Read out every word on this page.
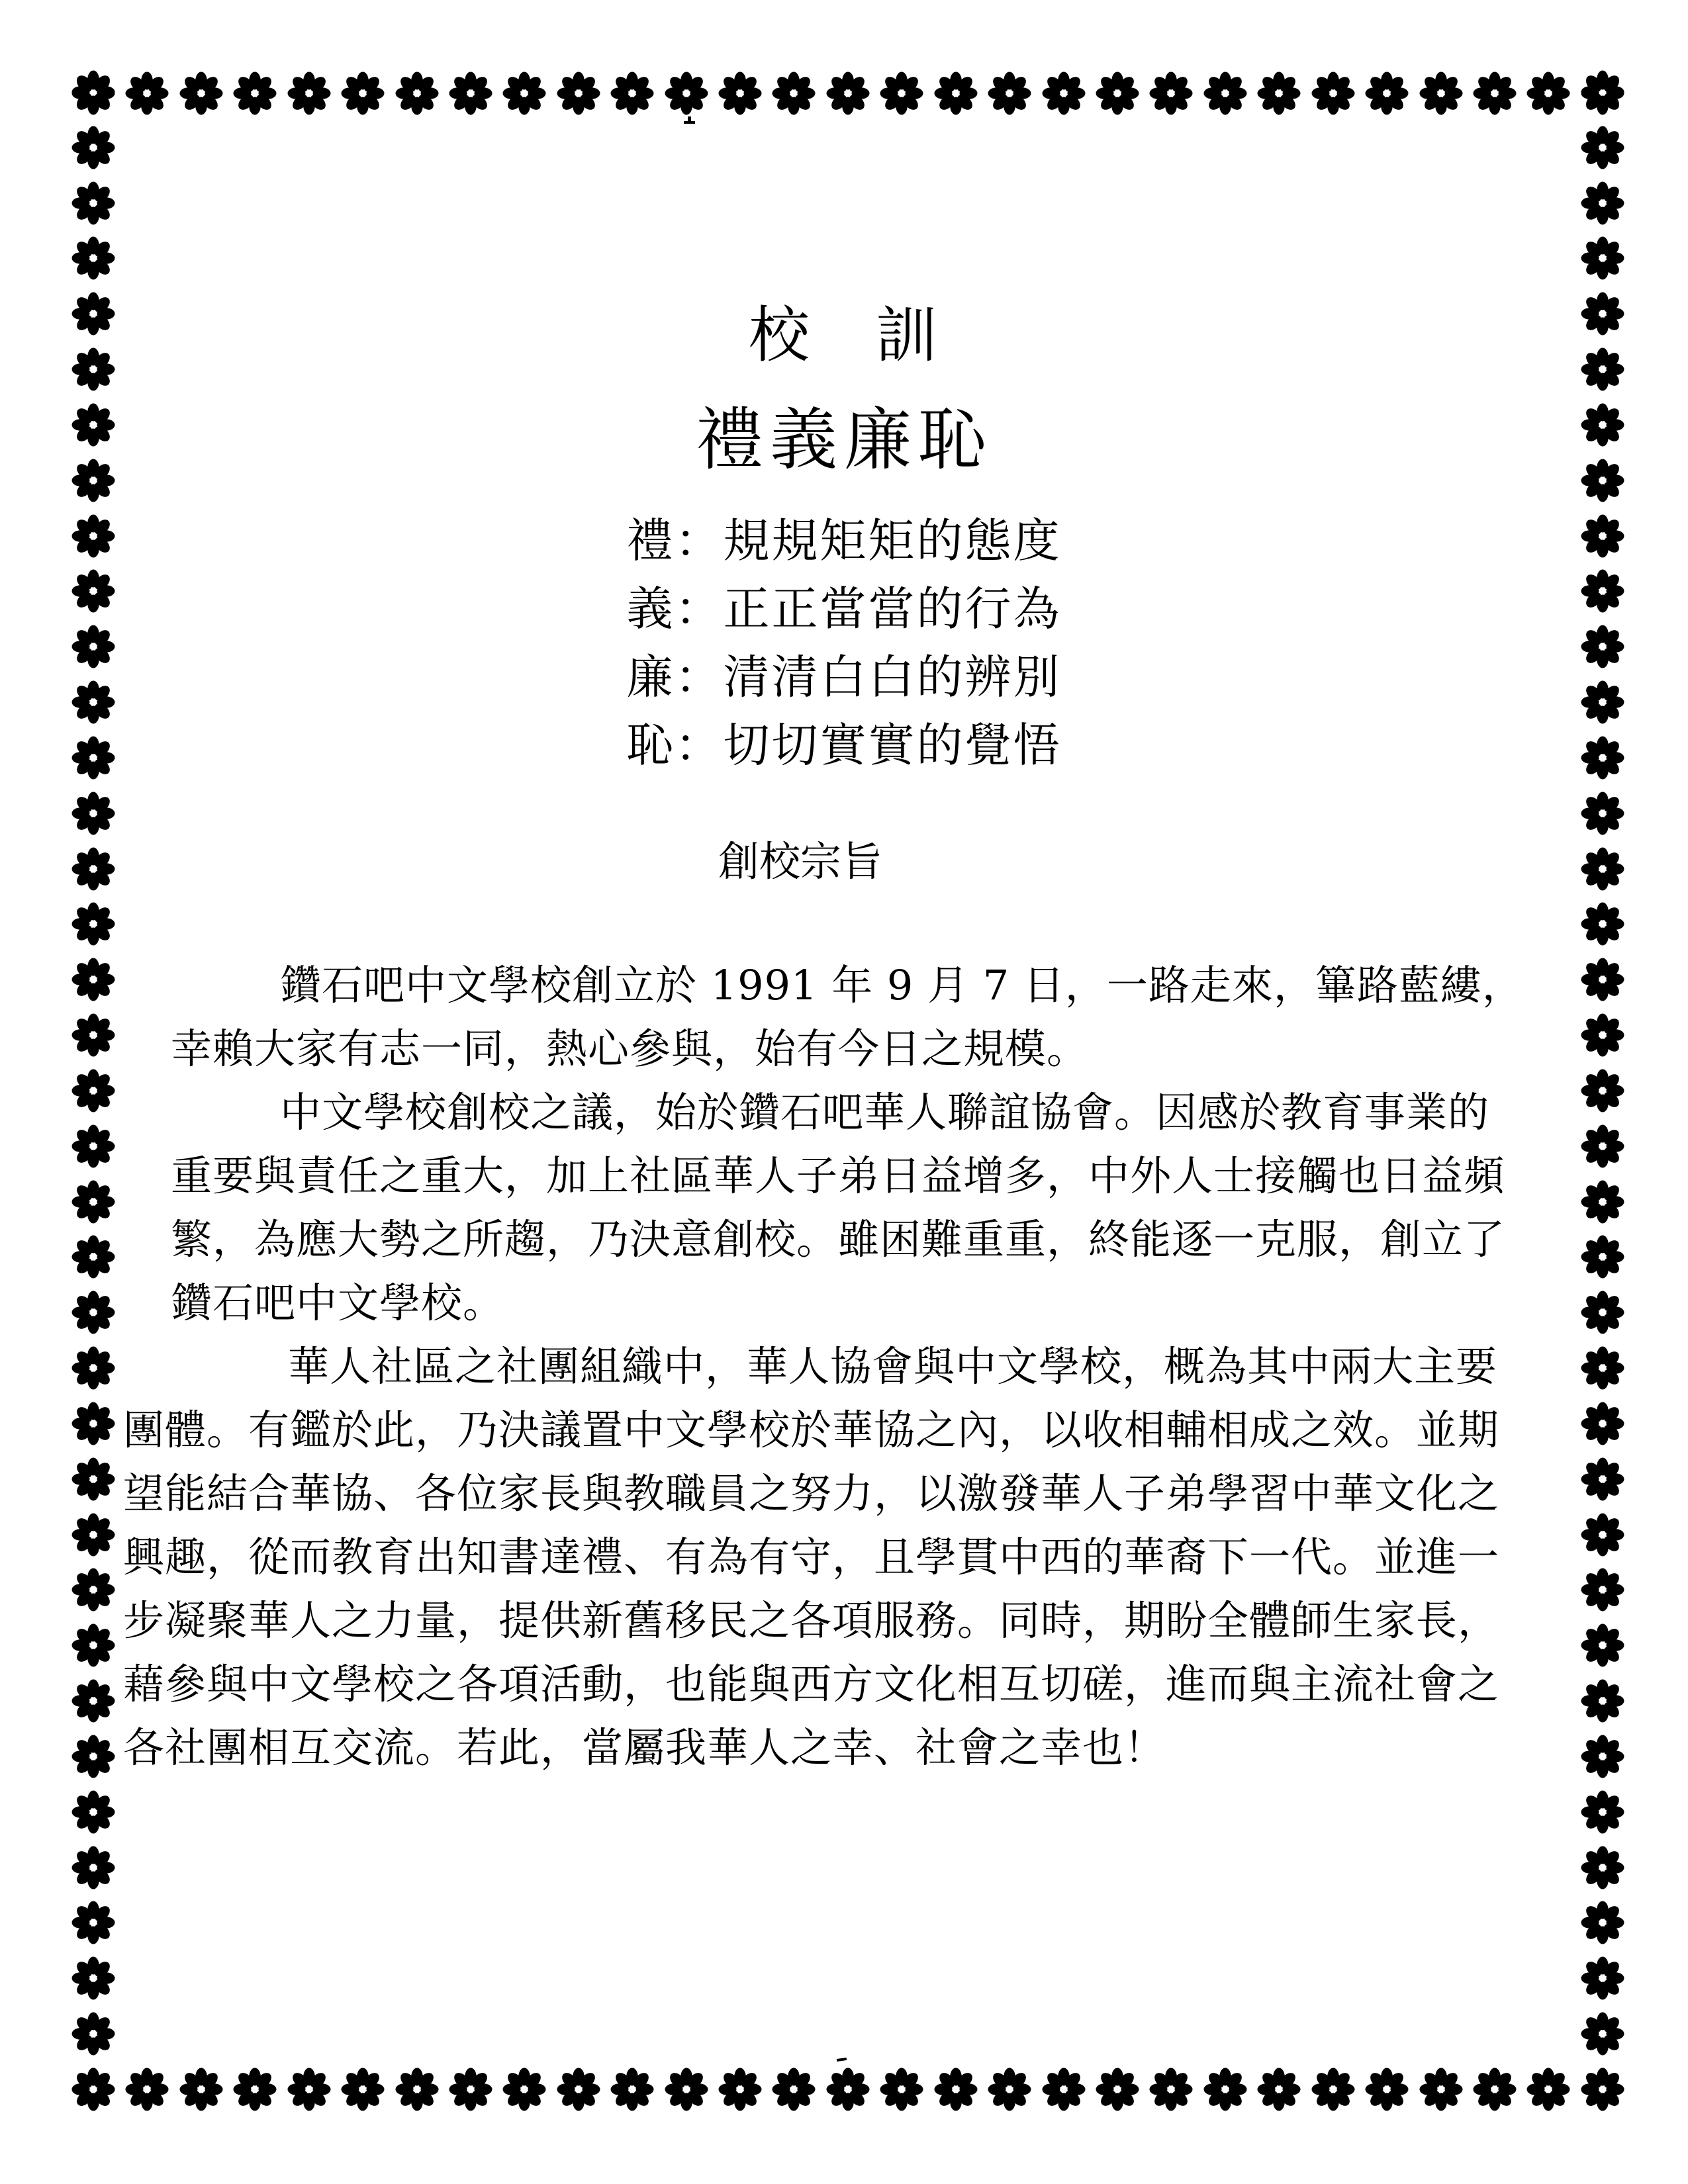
校　訓
禮義廉恥
禮：規規矩矩的態度
義：正正當當的行為
廉：清清白白的辨別
恥：切切實實的覺悟
創校宗旨
鑽石吧中文學校創立於 1991 年 9 月 7 日，一路走來，篳路藍縷，
幸賴大家有志一同，熱心參與，始有今日之規模。
中文學校創校之議，始於鑽石吧華人聯誼協會。因感於教育事業的
重要與責任之重大，加上社區華人子弟日益增多，中外人士接觸也日益頻
繁，為應大勢之所趨，乃決意創校。雖困難重重，終能逐一克服，創立了
鑽石吧中文學校。
華人社區之社團組織中，華人協會與中文學校，概為其中兩大主要
團體。有鑑於此，乃決議置中文學校於華協之內，以收相輔相成之效。並期
望能結合華協、各位家長與教職員之努力，以激發華人子弟學習中華文化之
興趣，從而教育出知書達禮、有為有守，且學貫中西的華裔下一代。並進一
步凝聚華人之力量，提供新舊移民之各項服務。同時，期盼全體師生家長，
藉參與中文學校之各項活動，也能與西方文化相互切磋，進而與主流社會之
各社團相互交流。若此，當屬我華人之幸、社會之幸也！
